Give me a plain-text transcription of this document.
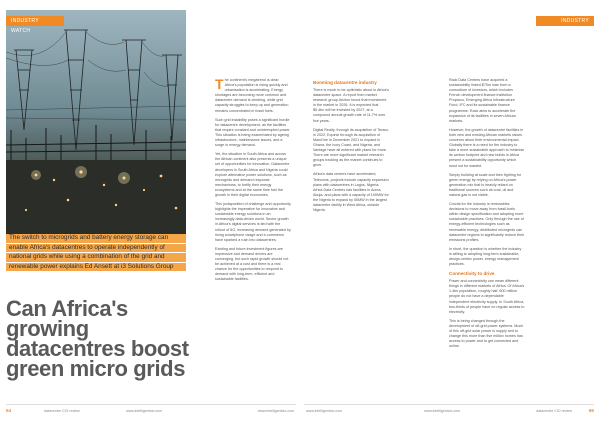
INDUSTRY WATCH
INDUSTRY WATCH
The switch to microgrids and battery energy storage can
enable Africa's datacentres to operate independently of
national grids while using a combination of the grid and
renewable power explains Ed Ansett at i3 Solutions Group
Can Africa's growing datacentres boost green micro grids

The continent's megatrend is clear. Africa's population is rising quickly and urbanisation is accelerating. Energy shortages are becoming more common and datacentre demand is climbing, while grid capacity struggles to keep up and generation remains concentrated in fossil fuels.

Such grid instability poses a significant hurdle for datacentre development, as the facilities that require constant and uninterrupted power. This situation is being exacerbated by ageing infrastructure, maintenance issues, and a surge in energy demand.

Yet, the situation in South Africa and across the African continent also presents a unique set of opportunities for innovation. Datacentre developers in South Africa and Nigeria could explore alternative power solutions, such as microgrids and demand response mechanisms, to fortify their energy ecosystems and at the same time fuel the growth in their digital economies.

This juxtaposition of challenge and opportunity highlights the imperative for innovative and sustainable energy solutions in an increasingly data-driven world. Sector growth in Africa's digital services is tied with the rollout of 5G, increasing demand generated by rising smartphone usage and e-commerce have sparked a rush into datacentres.

Existing and future investment figures are impressive and demand drivers are converging, but such rapid growth should not be achieved at a cost and there is a real chance for the opportunities to respond to demand with long-term, efficient and sustainable facilities.

Booming datacentre industry

There is much to be optimistic about in Africa's datacentre space. A report from market research group Arizton found that investment in the market in 2026. It is expected that $5.4bn will be invested by 2027, at a compound annual growth rate of 11.7% over five years.

Digital Realty, through its acquisition of Teraco in 2022, Equinix through its acquisition of MainOne in December 2021 to expand in Ghana, the Ivory Coast, and Nigeria, and Vantage have all entered with plans for more. There are more significant market research groups tracking as the market continues to grow.

Africa's data centres have accelerated, Telecoms, projects include capacity expansion plans with datacentres in Lagos, Nigeria. Africa Data Centres has facilities in Accra, Abuja, and plans with a capacity of 100MW for the Nigeria to expand by 50MW in the largest datacentre facility in West Africa, outside Nigeria.

Rack Data Centres have acquired a sustainability linked $70m loan from a consortium of investors, which includes French development finance institution Proparco, Emerging Africa Infrastructure Fund, IFC and its sustainable finance programme. Rack aims to accelerate the expansion of its facilities in seven African markets.

However, the growth of datacentre facilities in both new and existing African markets raises concerns about their environmental impact. Globally there is a need for the industry to take a more sustainable approach to minimise its carbon footprint and new builds in Africa present a sustainability opportunity which must not be wasted.

Simply building at scale and then fighting for green energy by relying on Africa's power generation mix that is heavily reliant on traditional sources such as coal, oil and natural gas is not viable.

Crucial for the industry is renewables decisions to move away from fossil-fuels within design specification and adopting more sustainable practices. Only through the use of energy-efficient technologies such as renewable energy, distributed microgrids can datacentre regions to significantly reduce their emissions profiles.

In short, the question is whether the industry is willing to adopting long-term sustainable, design-centric power, energy management practices.

Connectivity to drive

Power and connectivity can mean different things in different markets of Africa. Of Africa's 1.4bn population, roughly half, 600 million people do not have a dependable independent electricity supply. In South Africa, two-thirds of people have no regular access to electricity.

This is being changed through the development of off-grid power systems. Much of this off-grid solar power is supply and to change this more than five million homes has access to power and to get connected and online.

64	datacentre CIO review	www.intelligentcio.com	www.intelligentcio.com	www.intelligentcio.com	www.intelligentcio.com	datacentre CIO review	65
